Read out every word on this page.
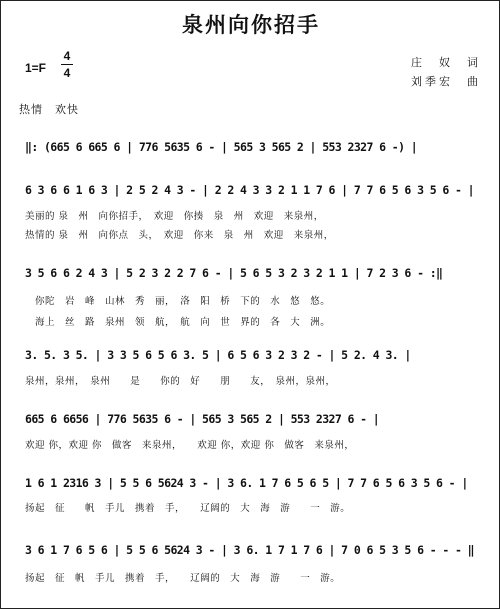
泉州向你招手
1=F
4
4
庄　奴　词
刘季宏　曲
热情　欢快
‖: (665 6 665 6 | 776 5635 6 - | 565 3 565 2 | 553 2327 6 -) |
6 3 6 6 1 6 3 | 2 5 2 4 3 - | 2 2 4 3 3 2 1 1 7 6 | 7 7 6 5 6 3 5 6 - |
美丽的 泉　州　向你招手，　欢迎　你揍　泉　州　欢迎　来泉州，
热情的 泉　州　向你点　头，　欢迎　你来　泉　州　欢迎　来泉州，
3 5 6 6 2 4 3 | 5 2 3 2 2 7 6 - | 5 6 5 3 2 3 2 1 1 | 7 2 3 6 - :‖
　你陀　岩　峰　山林　秀　丽，　洛　阳　桥　下的　水　悠　悠。
　海上　丝　路　泉州　领　航，　航　向　世　界的　各　大　洲。
3. 5. 3 5. | 3 3 5 6 5 6 3. 5 | 6 5 6 3 2 3 2 - | 5 2. 4 3. |
泉州，泉州，　泉州　　是　　你的　好　　朋　　友，　泉州，泉州，
665 6 6656 | 776 5635 6 - | 565 3 565 2 | 553 2327 6 - |
欢迎 你，欢迎 你　做客　来泉州，　　欢迎 你，欢迎 你　做客　来泉州，
1 6 1 2316 3 | 5 5 6 5624 3 - | 3 6. 1 7 6 5 6 5 | 7 7 6 5 6 3 5 6 - |
扬起　征　　帆　手儿　携着　手，　　辽阔的　大　海　游　　一　游。
3 6 1 7 6 5 6 | 5 5 6 5624 3 - | 3 6. 1 7 1 7 6 | 7 0 6 5 3 5 6 - - - ‖
扬起　征　帆　手儿　携着　手，　　辽阔的　大　海　游　　一　游。
